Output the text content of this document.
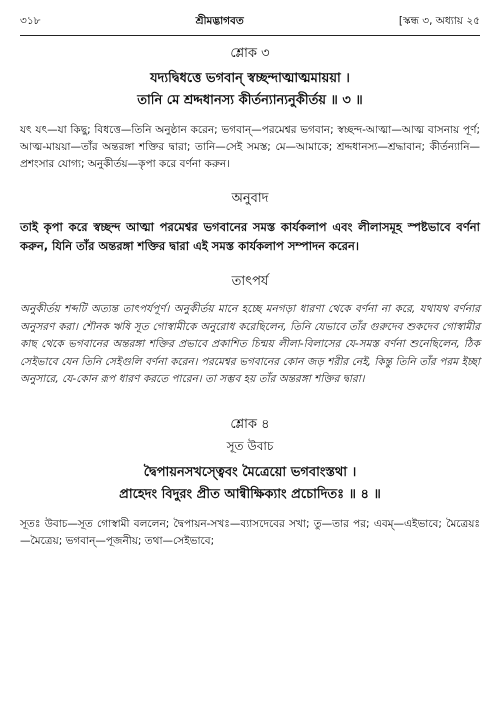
৩১৮	শ্রীমদ্ভাগবত	[স্কন্ধ ৩, অধ্যায় ২৫
শ্লোক ৩

যদ্যদ্বিধত্তে ভগবান্ স্বচ্ছন্দাত্মাত্মমায়য়া ।

তানি মে শ্রদ্দধানস্য কীর্তন্যান্যনুকীর্তয় ॥ ৩ ॥

যৎ যৎ—যা কিছু; বিধত্তে—তিনি অনুষ্ঠান করেন; ভগবান্—পরমেশ্বর ভগবান; স্বচ্ছন্দ-আত্মা—আত্ম বাসনায় পূর্ণ; আত্ম-মায়য়া—তাঁর অন্তরঙ্গা শক্তির দ্বারা; তানি—সেই সমস্ত; মে—আমাকে; শ্রদ্দধানস্য—শ্রদ্ধাবান; কীর্তন্যানি—প্রশংসার যোগ্য; অনুকীর্তয়—কৃপা করে বর্ণনা করুন।

অনুবাদ

তাই কৃপা করে স্বচ্ছন্দ আত্মা পরমেশ্বর ভগবানের সমস্ত কার্যকলাপ এবং লীলাসমূহ স্পষ্টভাবে বর্ণনা করুন, যিনি তাঁর অন্তরঙ্গা শক্তির দ্বারা এই সমস্ত কার্যকলাপ সম্পাদন করেন।

তাৎপর্য

অনুকীর্তয় শব্দটি অত্যন্ত তাৎপর্যপূর্ণ। অনুকীর্তয় মানে হচ্ছে মনগড়া ধারণা থেকে বর্ণনা না করে, যথাযথ বর্ণনার অনুসরণ করা। শৌনক ঋষি সূত গোস্বামীকে অনুরোধ করেছিলেন, তিনি যেভাবে তাঁর গুরুদেব শুকদেব গোস্বামীর কাছ থেকে ভগবানের অন্তরঙ্গা শক্তির প্রভাবে প্রকাশিত চিন্ময় লীলা-বিলাসের যে-সমস্ত বর্ণনা শুনেছিলেন, ঠিক সেইভাবে যেন তিনি সেইগুলি বর্ণনা করেন। পরমেশ্বর ভগবানের কোন জড় শরীর নেই, কিন্তু তিনি তাঁর পরম ইচ্ছা অনুসারে, যে-কোন রূপ ধারণ করতে পারেন। তা সম্ভব হয় তাঁর অন্তরঙ্গা শক্তির দ্বারা।

শ্লোক ৪
সূত উবাচ

দ্বৈপায়নসখস্ত্বেবং মৈত্রেয়ো ভগবাংস্তথা ।

প্রাহেদং বিদুরং প্রীত আন্বীক্ষিক্যাং প্রচোদিতঃ ॥ ৪ ॥

সূতঃ উবাচ—সূত গোস্বামী বললেন; দ্বৈপায়ন-সখঃ—ব্যাসদেবের সখা; তু—তার পর; এবম্—এইভাবে; মৈত্রেয়ঃ—মৈত্রেয়; ভগবান্—পূজনীয়; তথা—সেইভাবে;
